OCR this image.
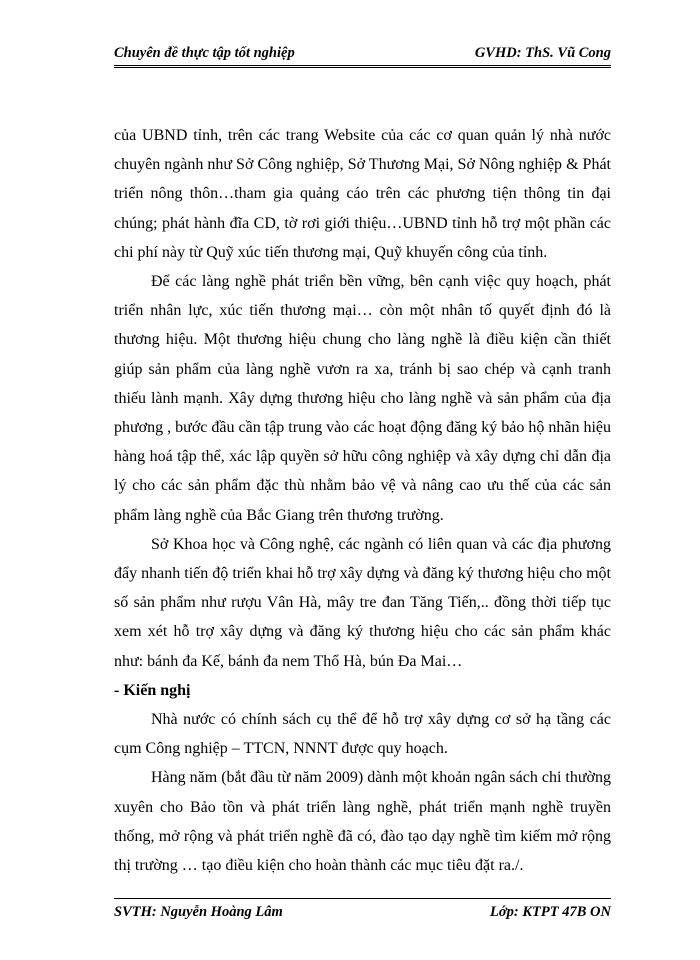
Chuyên đề thực tập tốt nghiệp	GVHD: ThS. Vũ Cong

của UBND tỉnh, trên các trang Website của các cơ quan quản lý nhà nước chuyên ngành như Sở Công nghiệp, Sở Thương Mại, Sở Nông nghiệp & Phát triển nông thôn…tham gia quảng cáo trên các phương tiện thông tin đại chúng; phát hành đĩa CD, tờ rơi giới thiệu…UBND tỉnh hỗ trợ một phần các chi phí này từ Quỹ xúc tiến thương mại, Quỹ khuyến công của tỉnh.

Để các làng nghề phát triển bền vững, bên cạnh việc quy hoạch, phát triển nhân lực, xúc tiến thương mại… còn một nhân tố quyết định đó là thương hiệu. Một thương hiệu chung cho làng nghề là điều kiện cần thiết giúp sản phẩm của làng nghề vươn ra xa, tránh bị sao chép và cạnh tranh thiếu lành mạnh. Xây dựng thương hiệu cho làng nghề và sản phẩm của địa phương , bước đầu cần tập trung vào các hoạt động đăng ký bảo hộ nhãn hiệu hàng hoá tập thể, xác lập quyền sở hữu công nghiệp và xây dựng chỉ dẫn địa lý cho các sản phẩm đặc thù nhằm bảo vệ và nâng cao ưu thế của các sản phẩm làng nghề của Bắc Giang trên thương trường.

Sở Khoa học và Công nghệ, các ngành có liên quan và các địa phương đẩy nhanh tiến độ triển khai hỗ trợ xây dựng và đăng ký thương hiệu cho một số sản phẩm như rượu Vân Hà, mây tre đan Tăng Tiến,.. đồng thời tiếp tục xem xét hỗ trợ xây dựng và đăng ký thương hiệu cho các sản phẩm khác như: bánh đa Kế, bánh đa nem Thổ Hà, bún Đa Mai…

- Kiến nghị

Nhà nước có chính sách cụ thể để hỗ trợ xây dựng cơ sở hạ tầng các cụm Công nghiệp – TTCN, NNNT được quy hoạch.

Hàng năm (bắt đầu từ năm 2009) dành một khoản ngân sách chi thường xuyên cho Bảo tồn và phát triển làng nghề, phát triển mạnh nghề truyền thống, mở rộng và phát triển nghề đã có, đào tạo dạy nghề tìm kiếm mở rộng thị trường … tạo điều kiện cho hoàn thành các mục tiêu đặt ra./.

SVTH: Nguyễn Hoàng Lâm	Lớp: KTPT 47B ON
